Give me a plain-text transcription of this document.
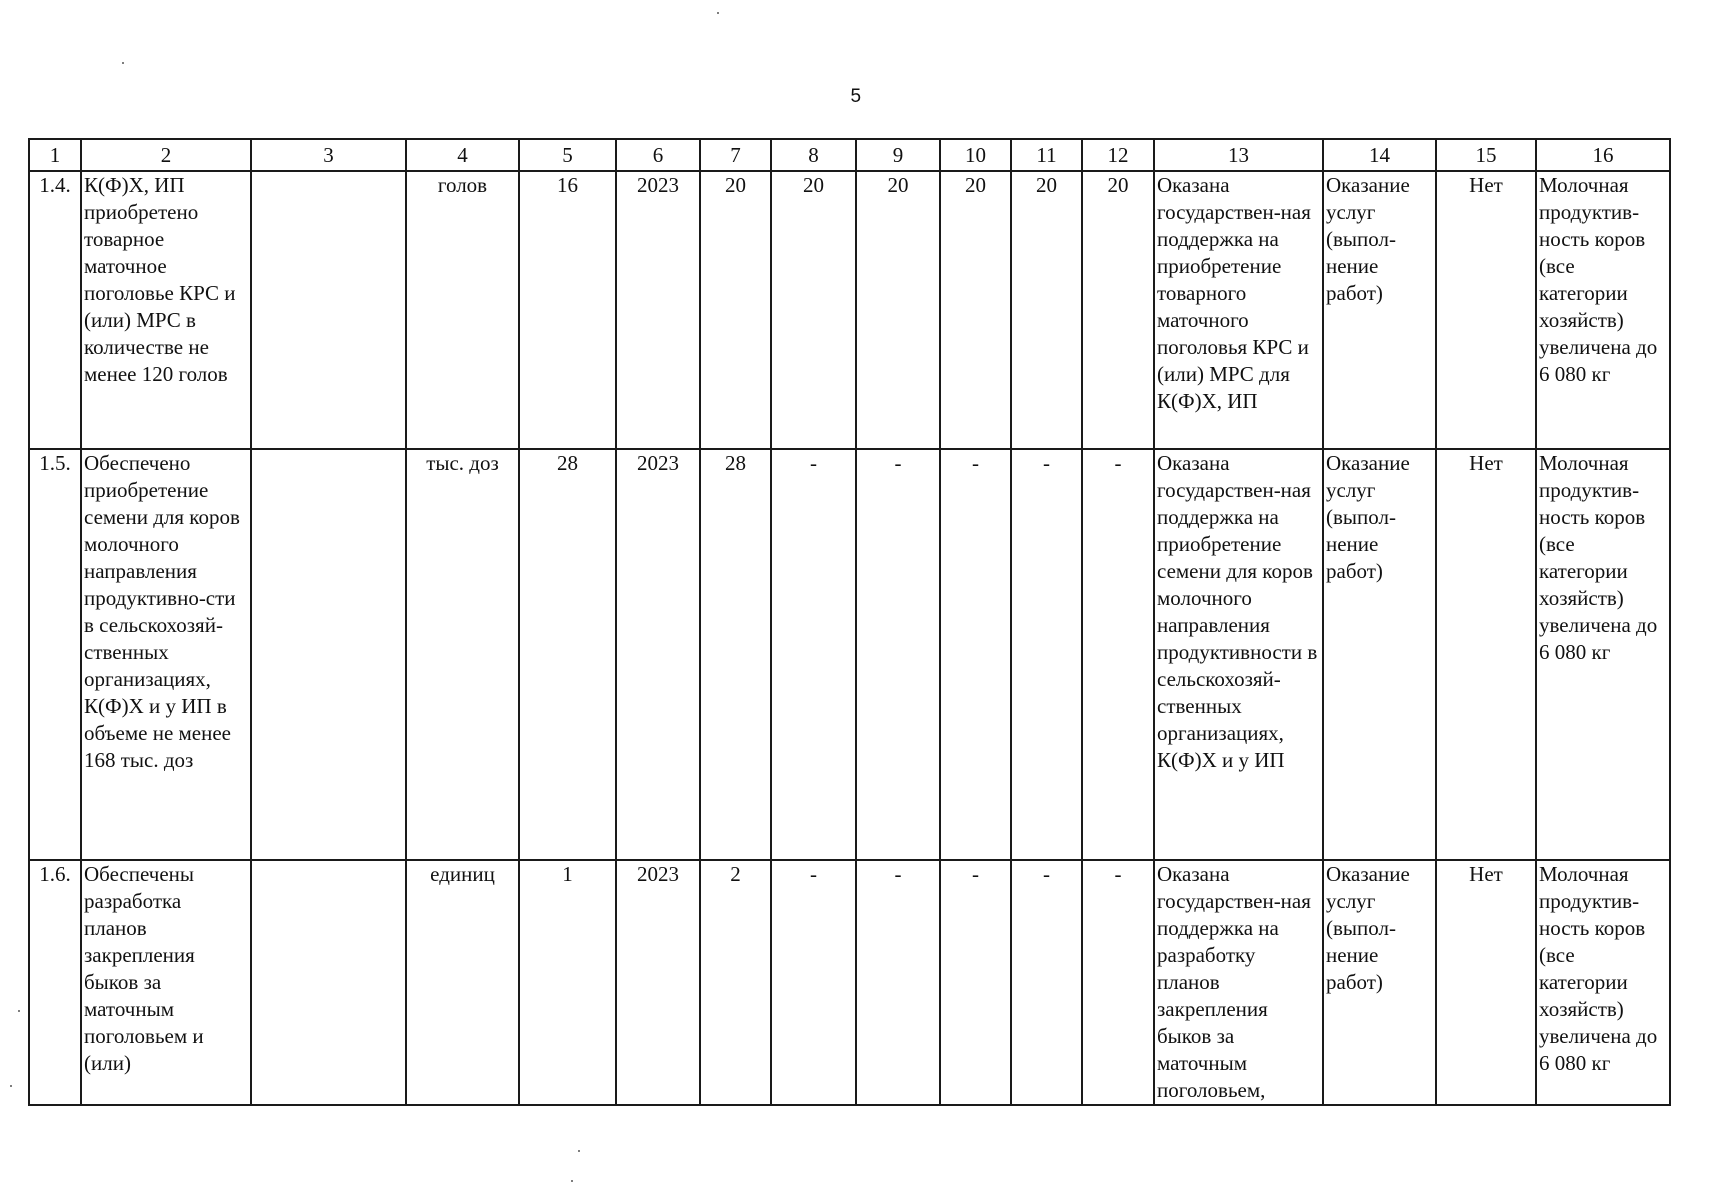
5
1	2	3	4	5	6	7	8	9	10	11	12	13	14	15	16
1.4.	К(Ф)Х, ИП приобретено товарное маточное поголовье КРС и (или) МРС в количестве не менее 120 голов		голов	16	2023	20	20	20	20	20	20	Оказана государствен-ная поддержка на приобретение товарного маточного поголовья КРС и (или) МРС для К(Ф)Х, ИП	Оказание услуг (выпол-нение работ)	Нет	Молочная продуктив-ность коров (все категории хозяйств) увеличена до 6 080 кг
1.5.	Обеспечено приобретение семени для коров молочного направления продуктивно-сти в сельскохозяй-ственных организациях, К(Ф)Х и у ИП в объеме не менее 168 тыс. доз		тыс. доз	28	2023	28	-	-	-	-	-	Оказана государствен-ная поддержка на приобретение семени для коров молочного направления продуктивности в сельскохозяй-ственных организациях, К(Ф)Х и у ИП	Оказание услуг (выпол-нение работ)	Нет	Молочная продуктив-ность коров (все категории хозяйств) увеличена до 6 080 кг
1.6.	Обеспечены разработка планов закрепления быков за маточным поголовьем и (или)		единиц	1	2023	2	-	-	-	-	-	Оказана государствен-ная поддержка на разработку планов закрепления быков за маточным поголовьем,	Оказание услуг (выпол-нение работ)	Нет	Молочная продуктив-ность коров (все категории хозяйств) увеличена до 6 080 кг
